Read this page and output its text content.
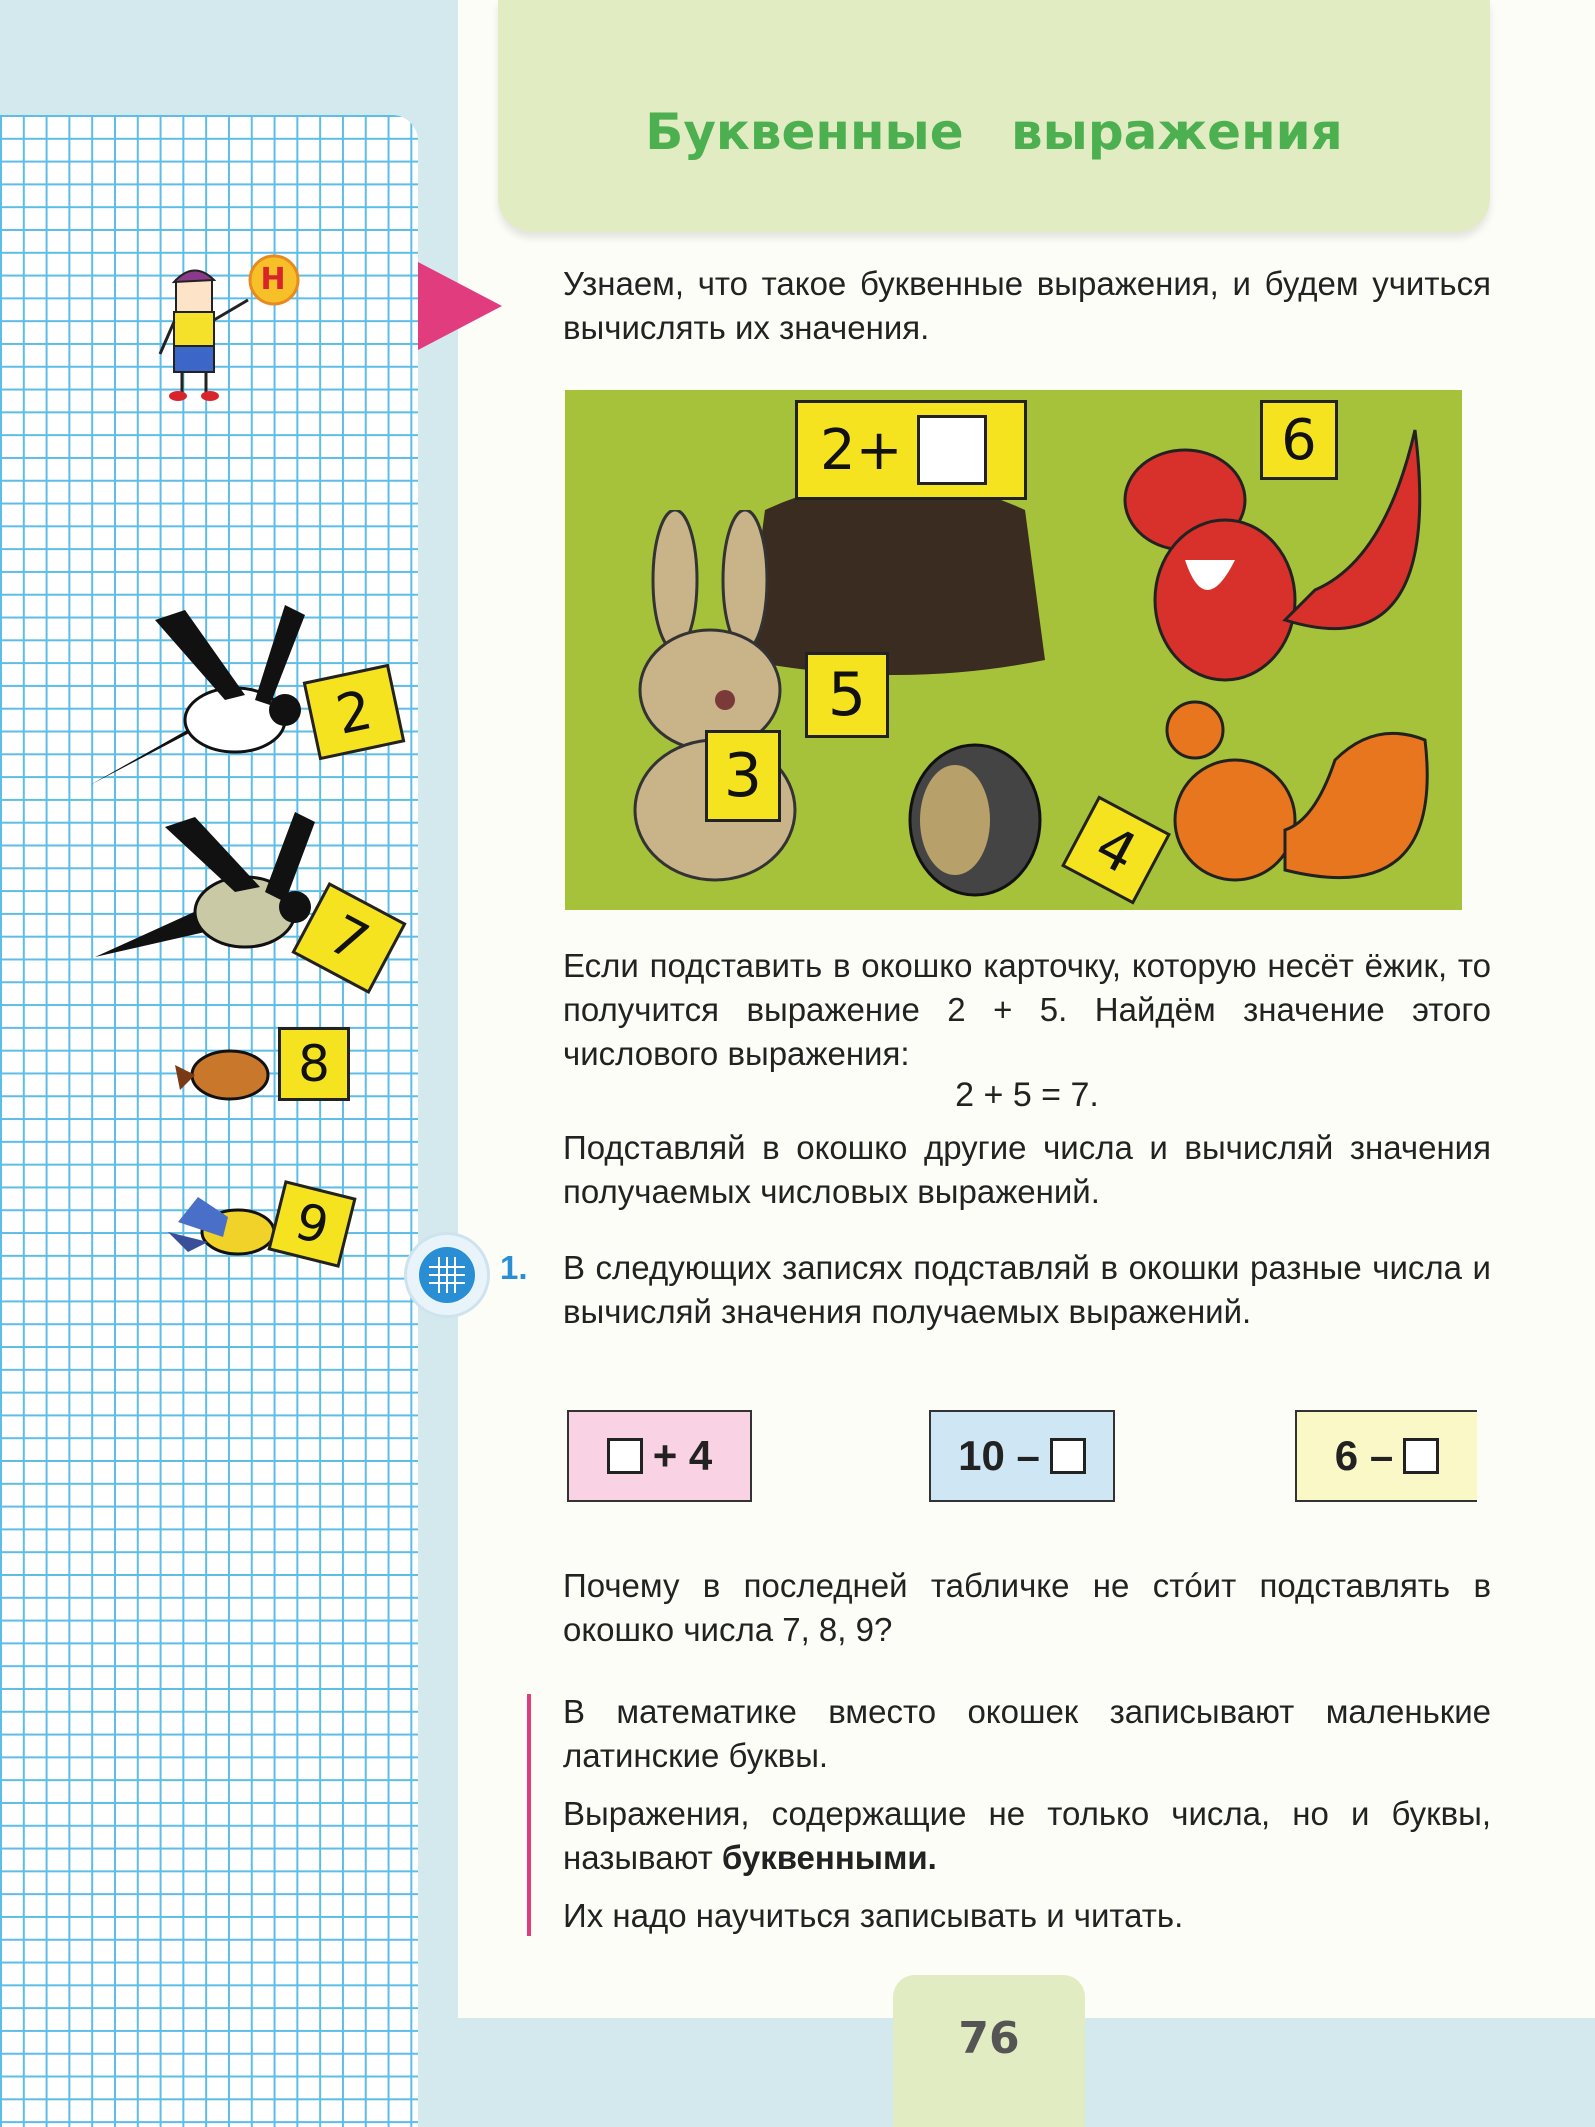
Буквенные выражения
Н	Узнаем, что такое буквенные выражения, и будем учиться вычислять их значения.
2
7
8
9
2+
3
5
6
4
Если подставить в окошко карточку, которую несёт ёжик, то получится выражение 2 + 5. Найдём значение этого числового выражения:
2 + 5 = 7.
Подставляй в окошко другие числа и вычисляй значения получаемых числовых выражений.
1. В следующих записях подставляй в окошки разные числа и вычисляй значения получаемых выражений.
+ 4	10 –	6 –
Почему в последней табличке не стóит подставлять в окошко числа 7, 8, 9?
В математике вместо окошек записывают маленькие латинские буквы.
Выражения, содержащие не только числа, но и буквы, называют буквенными.
Их надо научиться записывать и читать.
76
